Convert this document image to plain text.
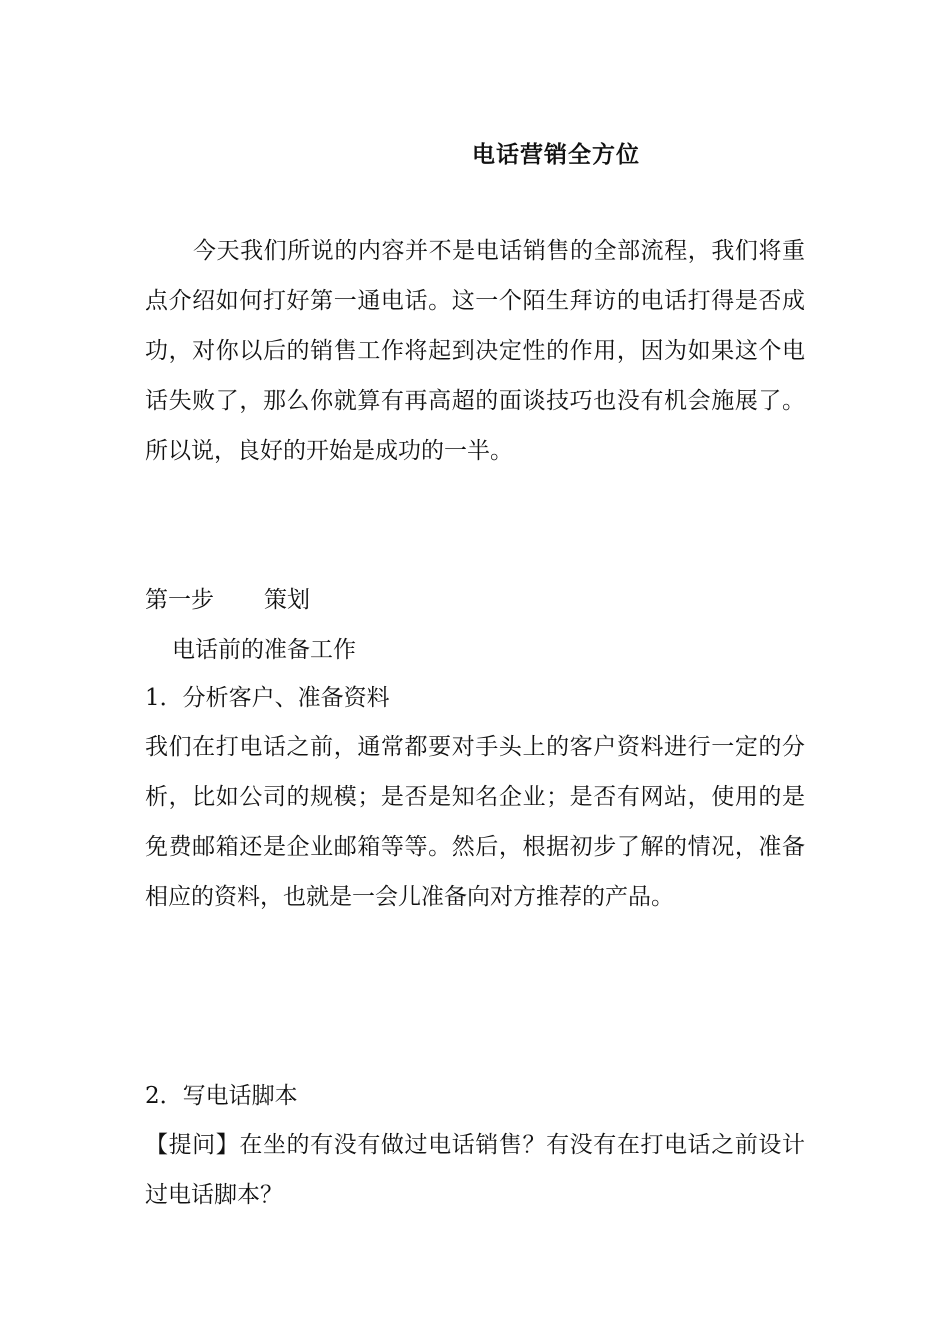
电话营销全方位

今天我们所说的内容并不是电话销售的全部流程，我们将重点介绍如何打好第一通电话。这一个陌生拜访的电话打得是否成功，对你以后的销售工作将起到决定性的作用，因为如果这个电话失败了，那么你就算有再高超的面谈技巧也没有机会施展了。所以说，良好的开始是成功的一半。

第一步 策划
电话前的准备工作
1．分析客户、准备资料

我们在打电话之前，通常都要对手头上的客户资料进行一定的分析，比如公司的规模；是否是知名企业；是否有网站，使用的是免费邮箱还是企业邮箱等等。然后，根据初步了解的情况，准备相应的资料，也就是一会儿准备向对方推荐的产品。

2．写电话脚本

【提问】在坐的有没有做过电话销售？有没有在打电话之前设计过电话脚本？
